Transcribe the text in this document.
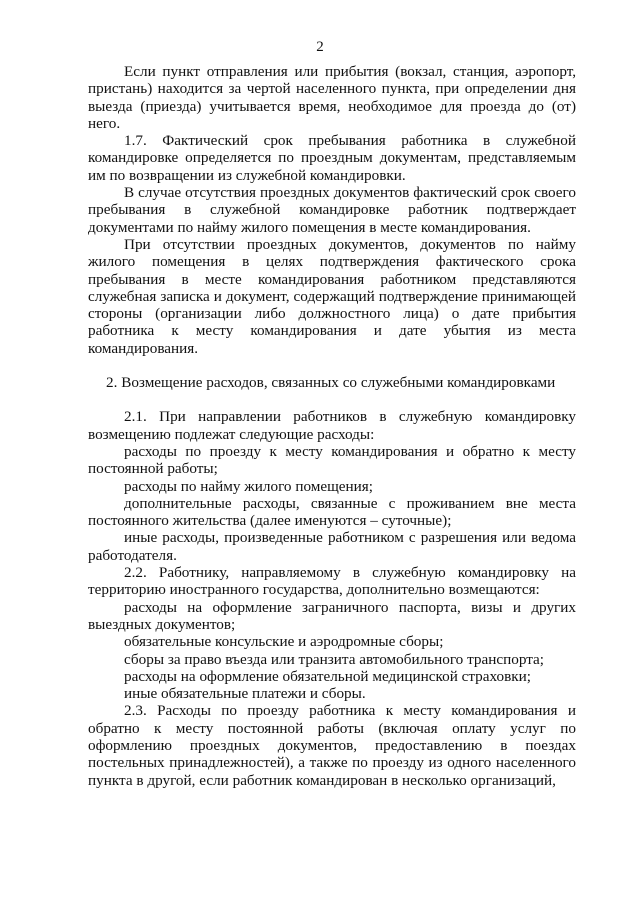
2

Если пункт отправления или прибытия (вокзал, станция, аэропорт, пристань) находится за чертой населенного пункта, при определении дня выезда (приезда) учитывается время, необходимое для проезда до (от) него.

1.7. Фактический срок пребывания работника в служебной командировке определяется по проездным документам, представляемым им по возвращении из служебной командировки.

В случае отсутствия проездных документов фактический срок своего пребывания в служебной командировке работник подтверждает документами по найму жилого помещения в месте командирования.

При отсутствии проездных документов, документов по найму жилого помещения в целях подтверждения фактического срока пребывания в месте командирования работником представляются служебная записка и документ, содержащий подтверждение принимающей стороны (организации либо должностного лица) о дате прибытия работника к месту командирования и дате убытия из места командирования.

2. Возмещение расходов, связанных со служебными командировками

2.1. При направлении работников в служебную командировку возмещению подлежат следующие расходы:

расходы по проезду к месту командирования и обратно к месту постоянной работы;

расходы по найму жилого помещения;

дополнительные расходы, связанные с проживанием вне места постоянного жительства (далее именуются – суточные);

иные расходы, произведенные работником с разрешения или ведома работодателя.

2.2. Работнику, направляемому в служебную командировку на территорию иностранного государства, дополнительно возмещаются:

расходы на оформление заграничного паспорта, визы и других выездных документов;

обязательные консульские и аэродромные сборы;

сборы за право въезда или транзита автомобильного транспорта;

расходы на оформление обязательной медицинской страховки;

иные обязательные платежи и сборы.

2.3. Расходы по проезду работника к месту командирования и обратно к месту постоянной работы (включая оплату услуг по оформлению проездных документов, предоставлению в поездах постельных принадлежностей), а также по проезду из одного населенного пункта в другой, если работник командирован в несколько организаций,
